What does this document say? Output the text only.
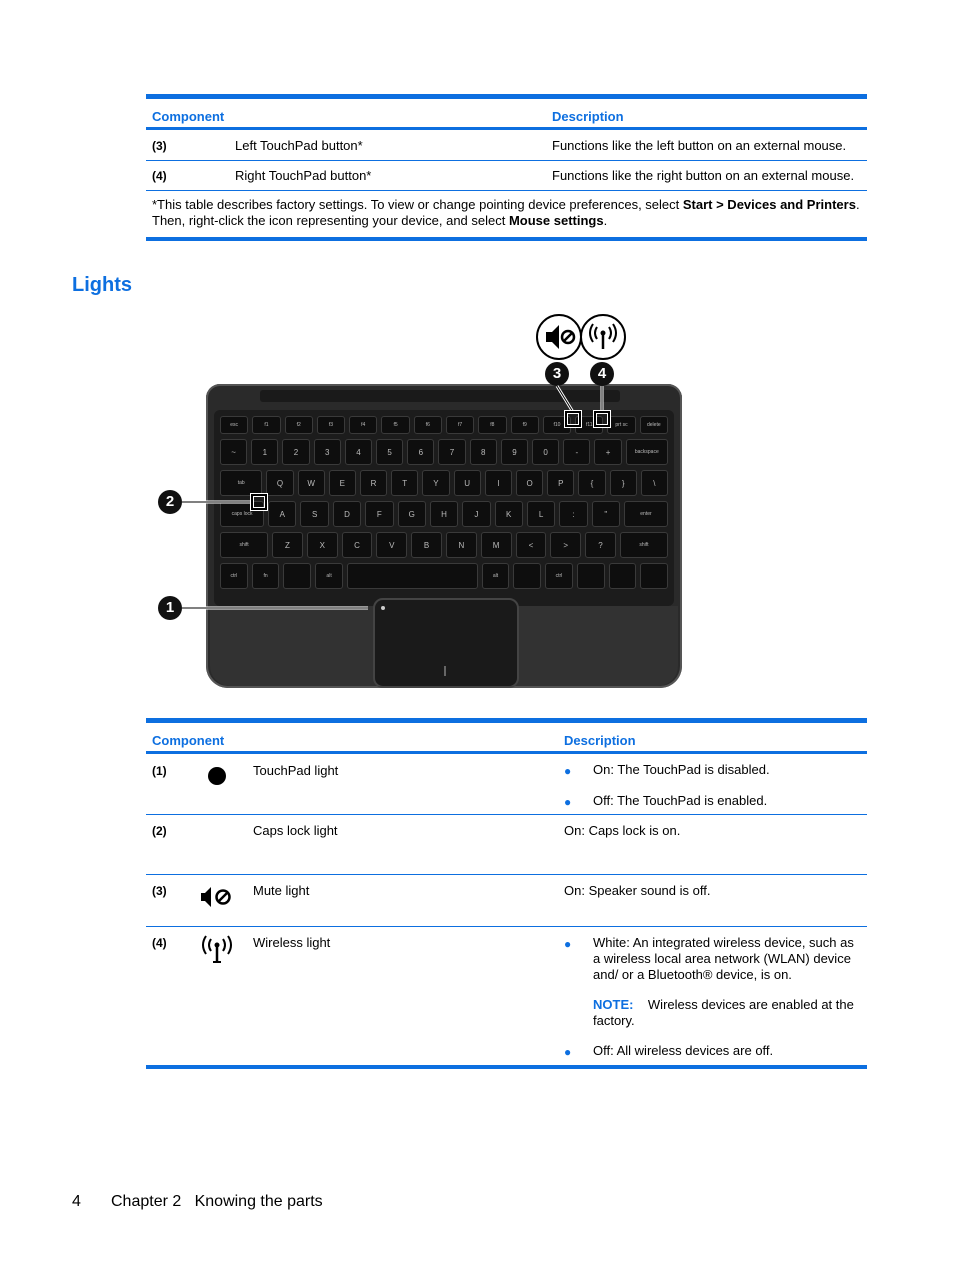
Component	Description
(3)	Left TouchPad button*	Functions like the left button on an external mouse.
(4)	Right TouchPad button*	Functions like the right button on an external mouse.
*This table describes factory settings. To view or change pointing device preferences, select Start > Devices and Printers. Then, right-click the icon representing your device, and select Mouse settings.
Lights
esc	f1	f2	f3	f4	f5	f6	f7	f8	f9	f10	f11	prt sc	delete
~	1	2	3	4	5	6	7	8	9	0	-	+	backspace
tab	Q	W	E	R	T	Y	U	I	O	P	{	}	\
caps lock	A	S	D	F	G	H	J	K	L	:	"	enter
shift	Z	X	C	V	B	N	M	<	>	?	shift
ctrl	fn	alt	alt	ctrl
3	4
2
1
Component	Description
(1)	TouchPad light	● On: The TouchPad is disabled.
● Off: The TouchPad is enabled.
(2)	Caps lock light	On: Caps lock is on.
(3)	Mute light	On: Speaker sound is off.
(4)	Wireless light	● White: An integrated wireless device, such as a wireless local area network (WLAN) device and/ or a Bluetooth® device, is on.
NOTE: Wireless devices are enabled at the factory.
● Off: All wireless devices are off.
4 Chapter 2   Knowing the parts
